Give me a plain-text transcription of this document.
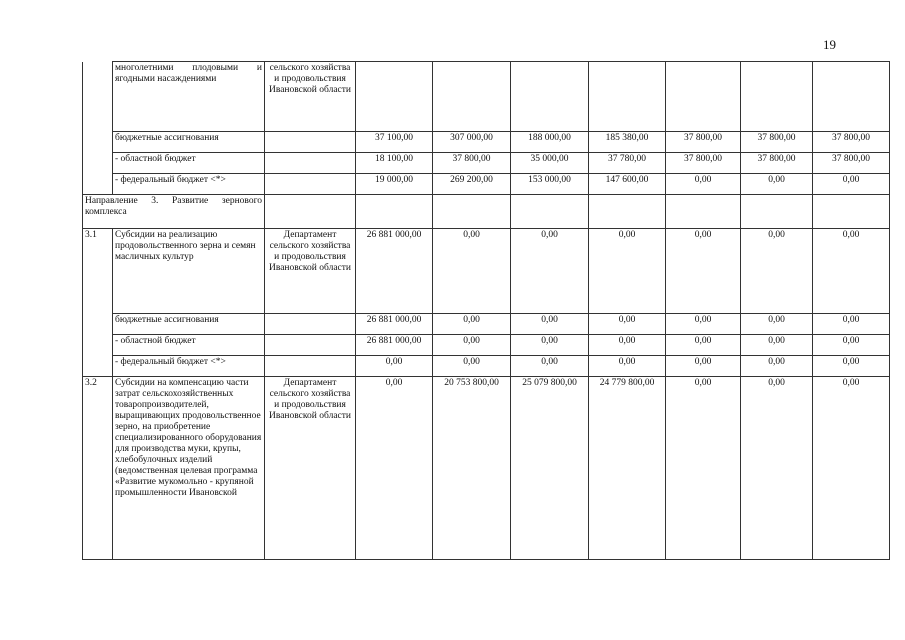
19
	многолетними плодовыми и ягодными насаждениями	сельского хозяйства и продовольствия Ивановской области							
	бюджетные ассигнования		37 100,00	307 000,00	188 000,00	185 380,00	37 800,00	37 800,00	37 800,00
	- областной бюджет		18 100,00	37 800,00	35 000,00	37 780,00	37 800,00	37 800,00	37 800,00
	- федеральный бюджет <*>		19 000,00	269 200,00	153 000,00	147 600,00	0,00	0,00	0,00
Направление 3. Развитие зернового комплекса									
3.1	Субсидии на реализацию продовольственного зерна и семян масличных культур	Департамент сельского хозяйства и продовольствия Ивановской области	26 881 000,00	0,00	0,00	0,00	0,00	0,00	0,00
	бюджетные ассигнования		26 881 000,00	0,00	0,00	0,00	0,00	0,00	0,00
	- областной бюджет		26 881 000,00	0,00	0,00	0,00	0,00	0,00	0,00
	- федеральный бюджет <*>		0,00	0,00	0,00	0,00	0,00	0,00	0,00
3.2	Субсидии на компенсацию части затрат сельскохозяйственных товаропроизводителей, выращивающих продовольственное зерно, на приобретение специализированного оборудования для производства муки, крупы, хлебобулочных изделий (ведомственная целевая программа «Развитие мукомольно - крупяной промышленности Ивановской	Департамент сельского хозяйства и продовольствия Ивановской области	0,00	20 753 800,00	25 079 800,00	24 779 800,00	0,00	0,00	0,00
